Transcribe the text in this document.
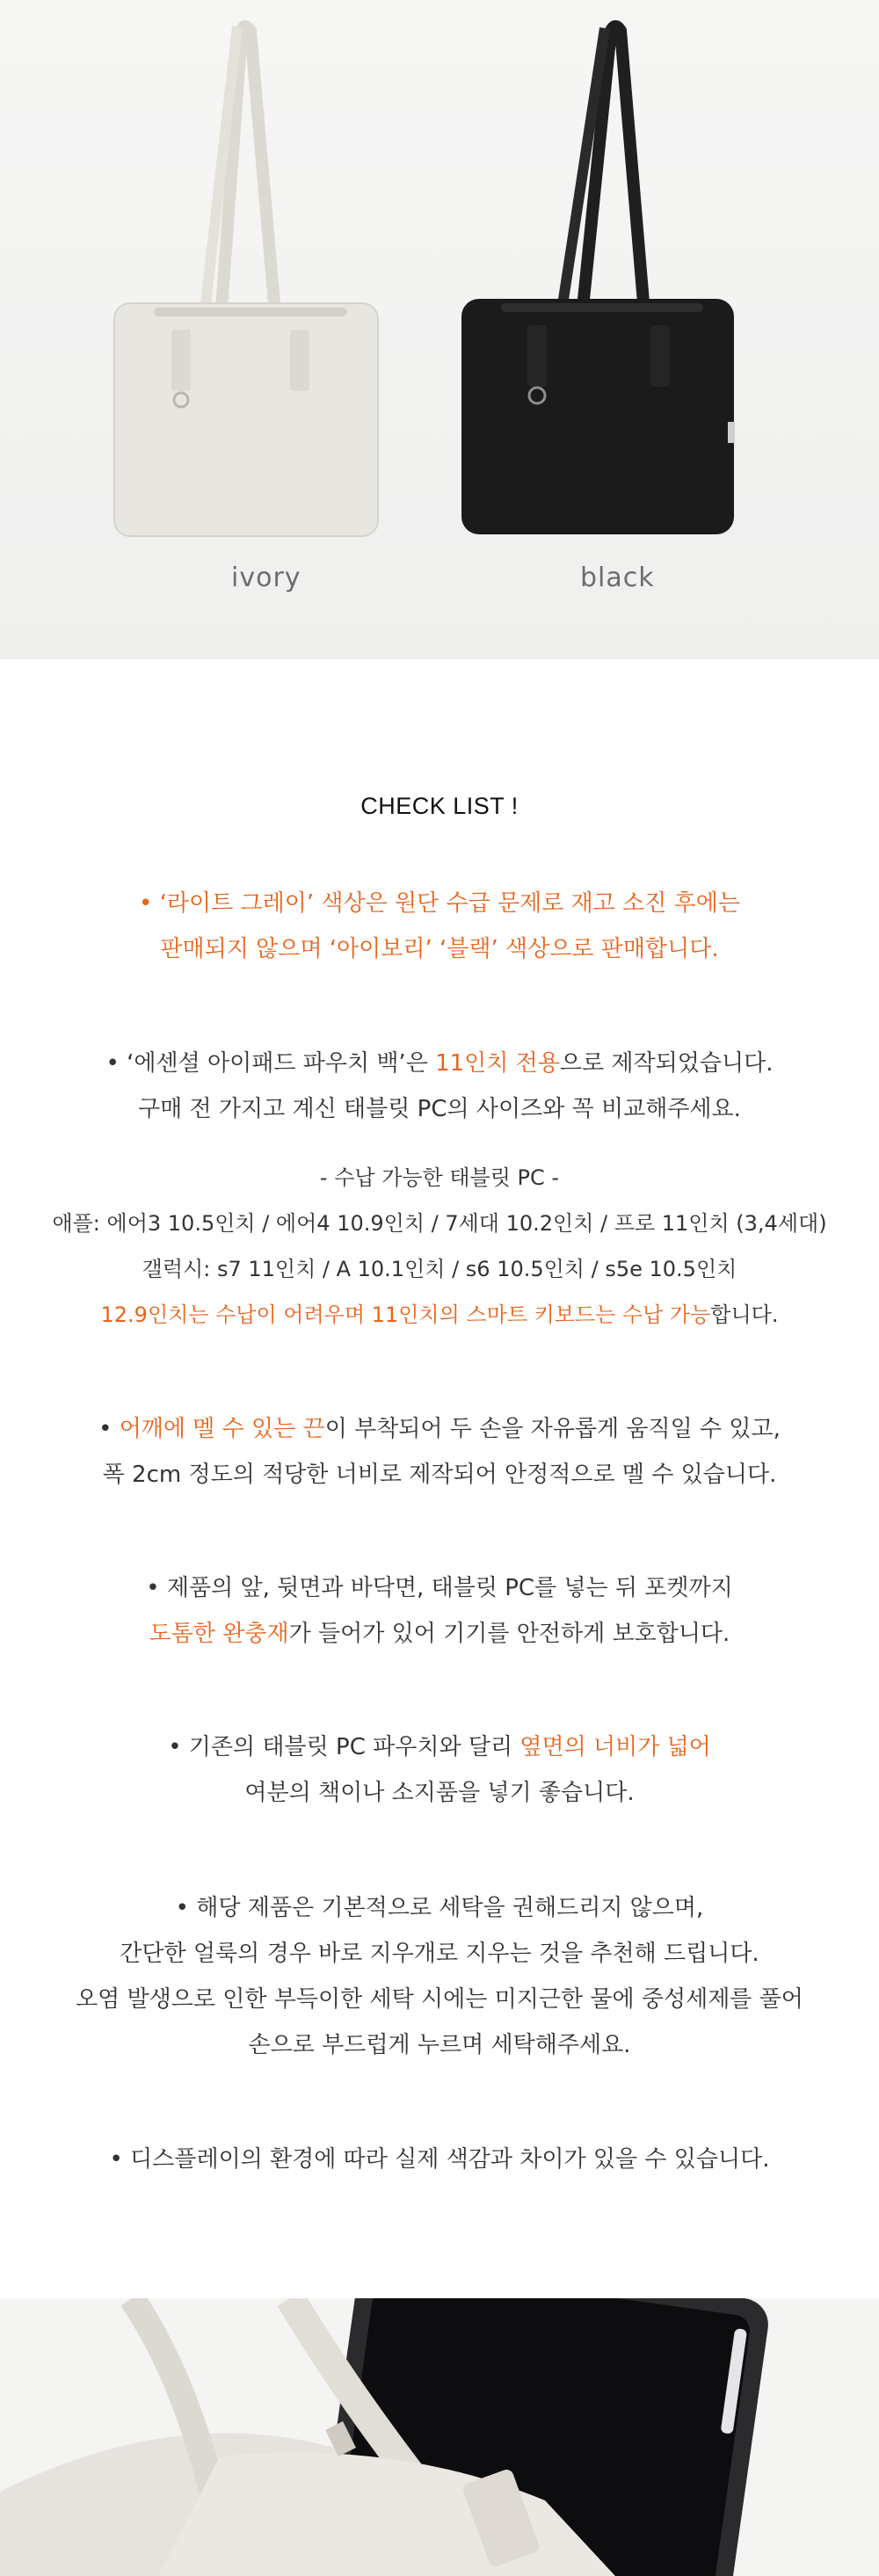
ivory	black
CHECK LIST !
• ‘라이트 그레이’ 색상은 원단 수급 문제로 재고 소진 후에는
판매되지 않으며 ‘아이보리’ ‘블랙’ 색상으로 판매합니다.
• ‘에센셜 아이패드 파우치 백’은 11인치 전용으로 제작되었습니다.
구매 전 가지고 계신 태블릿 PC의 사이즈와 꼭 비교해주세요.
- 수납 가능한 태블릿 PC -
애플: 에어3 10.5인치 / 에어4 10.9인치 / 7세대 10.2인치 / 프로 11인치 (3,4세대)
갤럭시: s7 11인치 / A 10.1인치 / s6 10.5인치 / s5e 10.5인치
12.9인치는 수납이 어려우며 11인치의 스마트 키보드는 수납 가능합니다.
• 어깨에 멜 수 있는 끈이 부착되어 두 손을 자유롭게 움직일 수 있고,
폭 2cm 정도의 적당한 너비로 제작되어 안정적으로 멜 수 있습니다.
• 제품의 앞, 뒷면과 바닥면, 태블릿 PC를 넣는 뒤 포켓까지
도톰한 완충재가 들어가 있어 기기를 안전하게 보호합니다.
• 기존의 태블릿 PC 파우치와 달리 옆면의 너비가 넓어
여분의 책이나 소지품을 넣기 좋습니다.
• 해당 제품은 기본적으로 세탁을 권해드리지 않으며,
간단한 얼룩의 경우 바로 지우개로 지우는 것을 추천해 드립니다.
오염 발생으로 인한 부득이한 세탁 시에는 미지근한 물에 중성세제를 풀어
손으로 부드럽게 누르며 세탁해주세요.
• 디스플레이의 환경에 따라 실제 색감과 차이가 있을 수 있습니다.
